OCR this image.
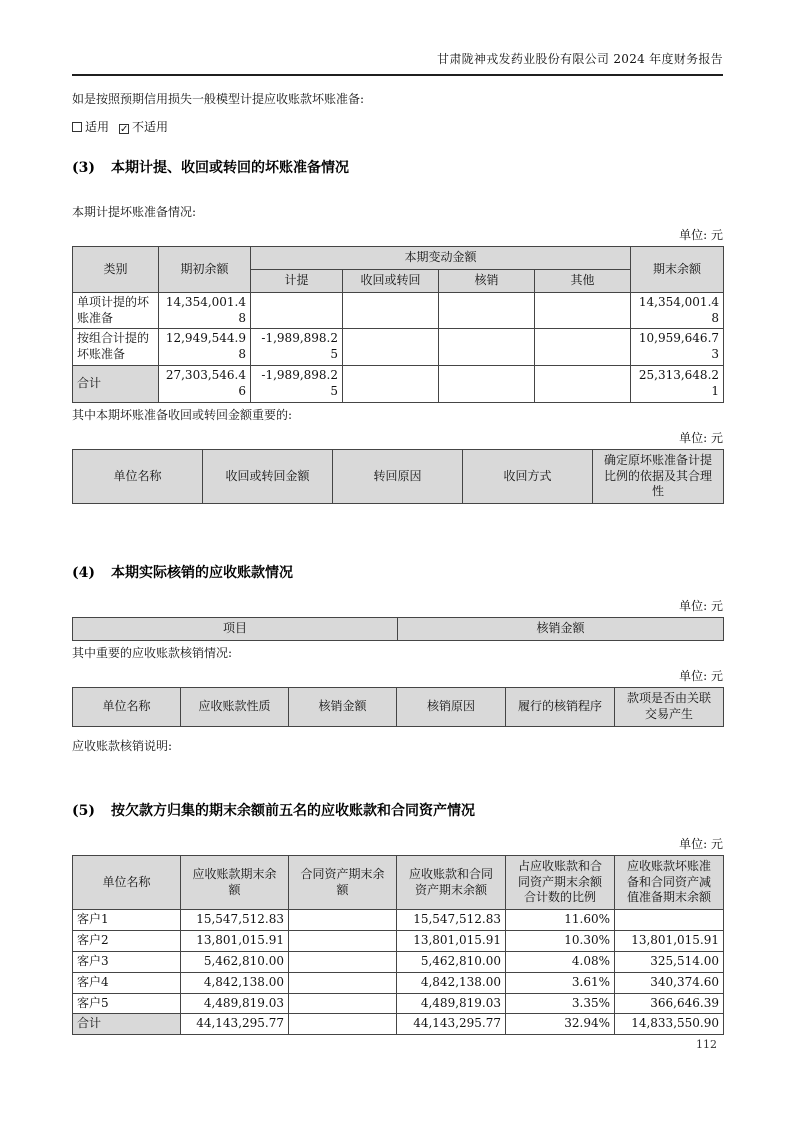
甘肃陇神戎发药业股份有限公司 2024 年度财务报告
如是按照预期信用损失一般模型计提应收账款坏账准备:
适用 ✓ 不适用
(3) 本期计提、收回或转回的坏账准备情况
本期计提坏账准备情况:
单位: 元
类别	期初余额	本期变动金额				期末余额
		计提	收回或转回	核销	其他	
单项计提的坏账准备	14,354,001.48					14,354,001.48
按组合计提的坏账准备	12,949,544.98	-1,989,898.25				10,959,646.73
合计	27,303,546.46	-1,989,898.25				25,313,648.21
其中本期坏账准备收回或转回金额重要的:
单位: 元
单位名称	收回或转回金额	转回原因	收回方式	确定原坏账准备计提比例的依据及其合理性
(4) 本期实际核销的应收账款情况
单位: 元
项目	核销金额
其中重要的应收账款核销情况:
单位: 元
单位名称	应收账款性质	核销金额	核销原因	履行的核销程序	款项是否由关联交易产生
应收账款核销说明:
(5) 按欠款方归集的期末余额前五名的应收账款和合同资产情况
单位: 元
单位名称	应收账款期末余额	合同资产期末余额	应收账款和合同资产期末余额	占应收账款和合同资产期末余额合计数的比例	应收账款坏账准备和合同资产减值准备期末余额
客户1	15,547,512.83		15,547,512.83	11.60%	
客户2	13,801,015.91		13,801,015.91	10.30%	13,801,015.91
客户3	5,462,810.00		5,462,810.00	4.08%	325,514.00
客户4	4,842,138.00		4,842,138.00	3.61%	340,374.60
客户5	4,489,819.03		4,489,819.03	3.35%	366,646.39
合计	44,143,295.77		44,143,295.77	32.94%	14,833,550.90
112
